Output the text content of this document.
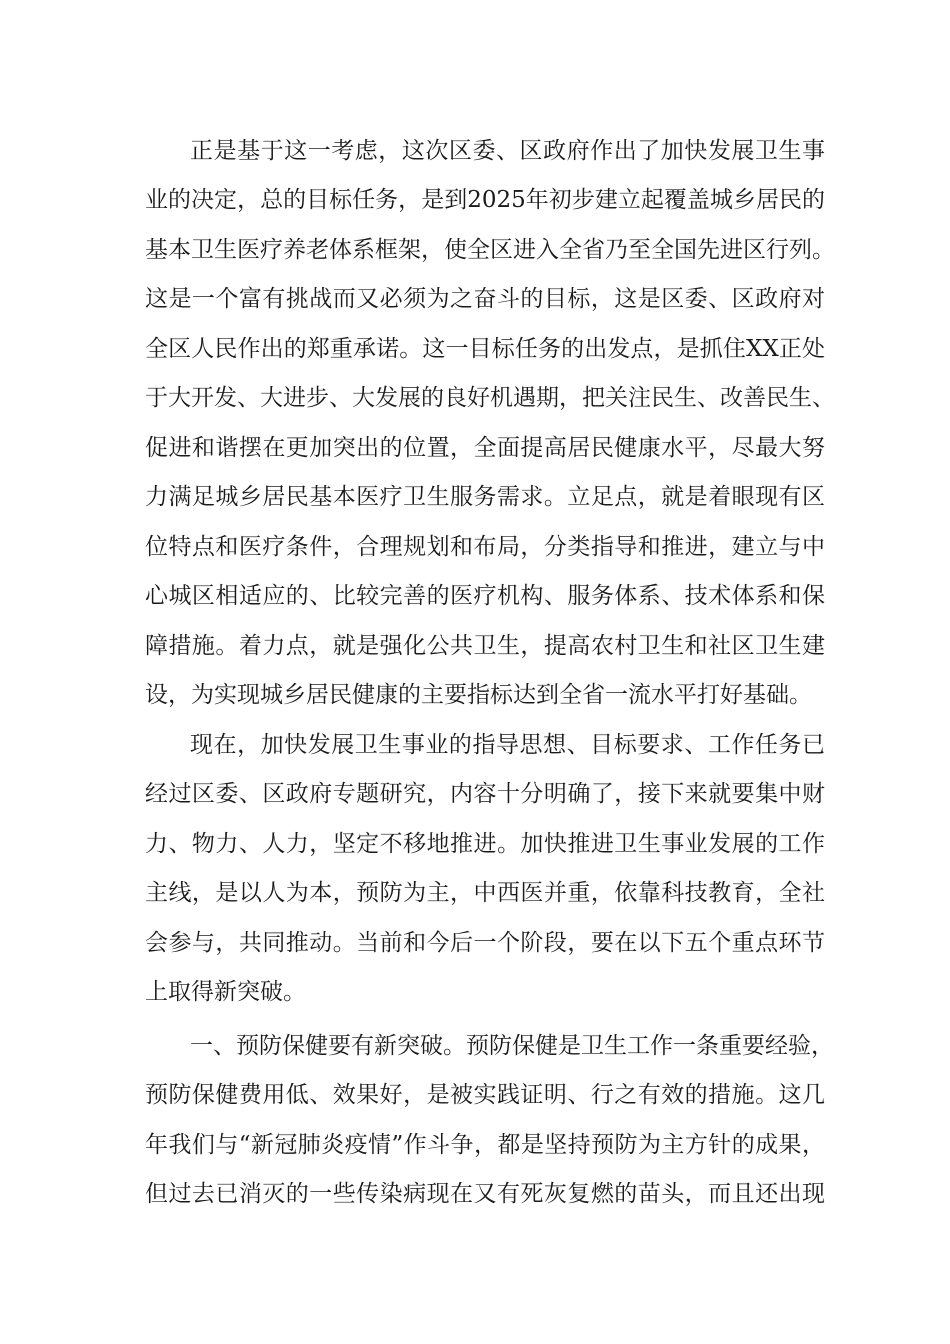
正是基于这一考虑，这次区委、区政府作出了加快发展卫生事
业的决定，总的目标任务，是到2025年初步建立起覆盖城乡居民的
基本卫生医疗养老体系框架，使全区进入全省乃至全国先进区行列。
这是一个富有挑战而又必须为之奋斗的目标，这是区委、区政府对
全区人民作出的郑重承诺。这一目标任务的出发点，是抓住XX正处
于大开发、大进步、大发展的良好机遇期，把关注民生、改善民生、
促进和谐摆在更加突出的位置，全面提高居民健康水平，尽最大努
力满足城乡居民基本医疗卫生服务需求。立足点，就是着眼现有区
位特点和医疗条件，合理规划和布局，分类指导和推进，建立与中
心城区相适应的、比较完善的医疗机构、服务体系、技术体系和保
障措施。着力点，就是强化公共卫生，提高农村卫生和社区卫生建
设，为实现城乡居民健康的主要指标达到全省一流水平打好基础。
现在，加快发展卫生事业的指导思想、目标要求、工作任务已
经过区委、区政府专题研究，内容十分明确了，接下来就要集中财
力、物力、人力，坚定不移地推进。加快推进卫生事业发展的工作
主线，是以人为本，预防为主，中西医并重，依靠科技教育，全社
会参与，共同推动。当前和今后一个阶段，要在以下五个重点环节
上取得新突破。
一、预防保健要有新突破。预防保健是卫生工作一条重要经验，
预防保健费用低、效果好，是被实践证明、行之有效的措施。这几
年我们与“新冠肺炎疫情”作斗争，都是坚持预防为主方针的成果，
但过去已消灭的一些传染病现在又有死灰复燃的苗头，而且还出现
